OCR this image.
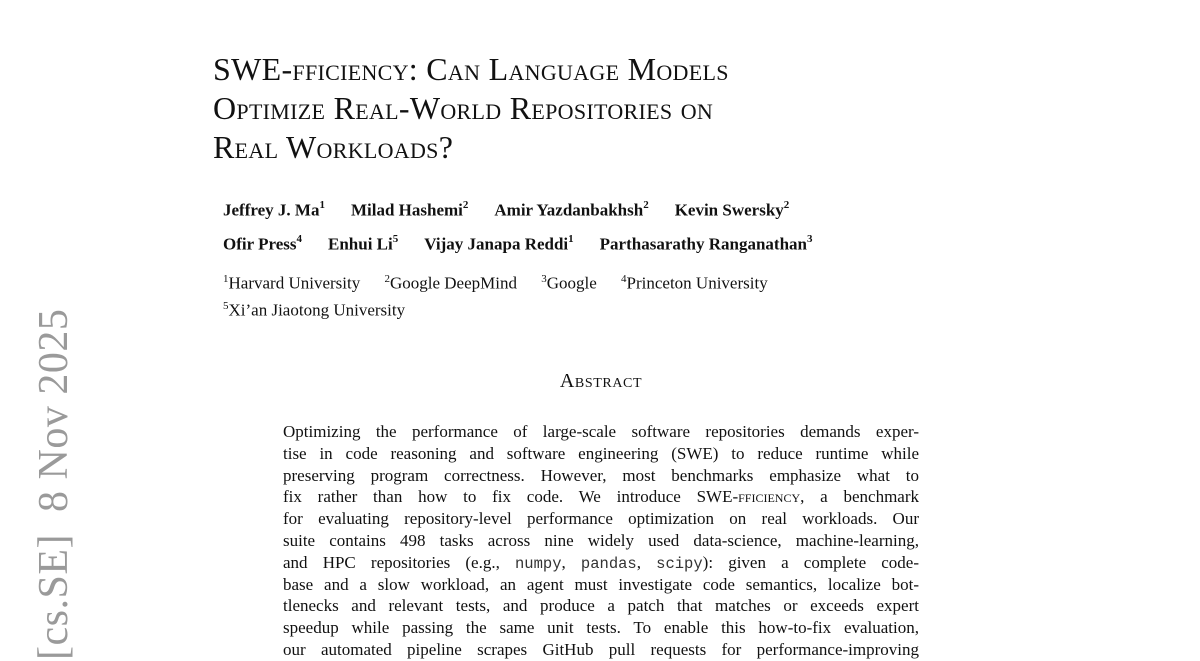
[cs.SE]8 Nov 2025
SWE-fficiency: Can Language Models
Optimize Real-World Repositories on
Real Workloads?
Jeffrey J. Ma$^1$ Milad Hashemi$^2$ Amir Yazdanbakhsh$^2$ Kevin Swersky$^2$
Ofir Press$^4$ Enhui Li$^5$ Vijay Janapa Reddi$^1$ Parthasarathy Ranganathan$^3$
$^1$Harvard University $^2$Google DeepMind $^3$Google $^4$Princeton University
$^5$Xi’an Jiaotong University
Abstract
Optimizing the performance of large-scale software repositories demands exper-
tise in code reasoning and software engineering (SWE) to reduce runtime while
preserving program correctness. However, most benchmarks emphasize what to
fix rather than how to fix code. We introduce SWE-fficiency, a benchmark
for evaluating repository-level performance optimization on real workloads. Our
suite contains 498 tasks across nine widely used data-science, machine-learning,
and HPC repositories (e.g., numpy, pandas, scipy): given a complete code-
base and a slow workload, an agent must investigate code semantics, localize bot-
tlenecks and relevant tests, and produce a patch that matches or exceeds expert
speedup while passing the same unit tests. To enable this how-to-fix evaluation,
our automated pipeline scrapes GitHub pull requests for performance-improving
